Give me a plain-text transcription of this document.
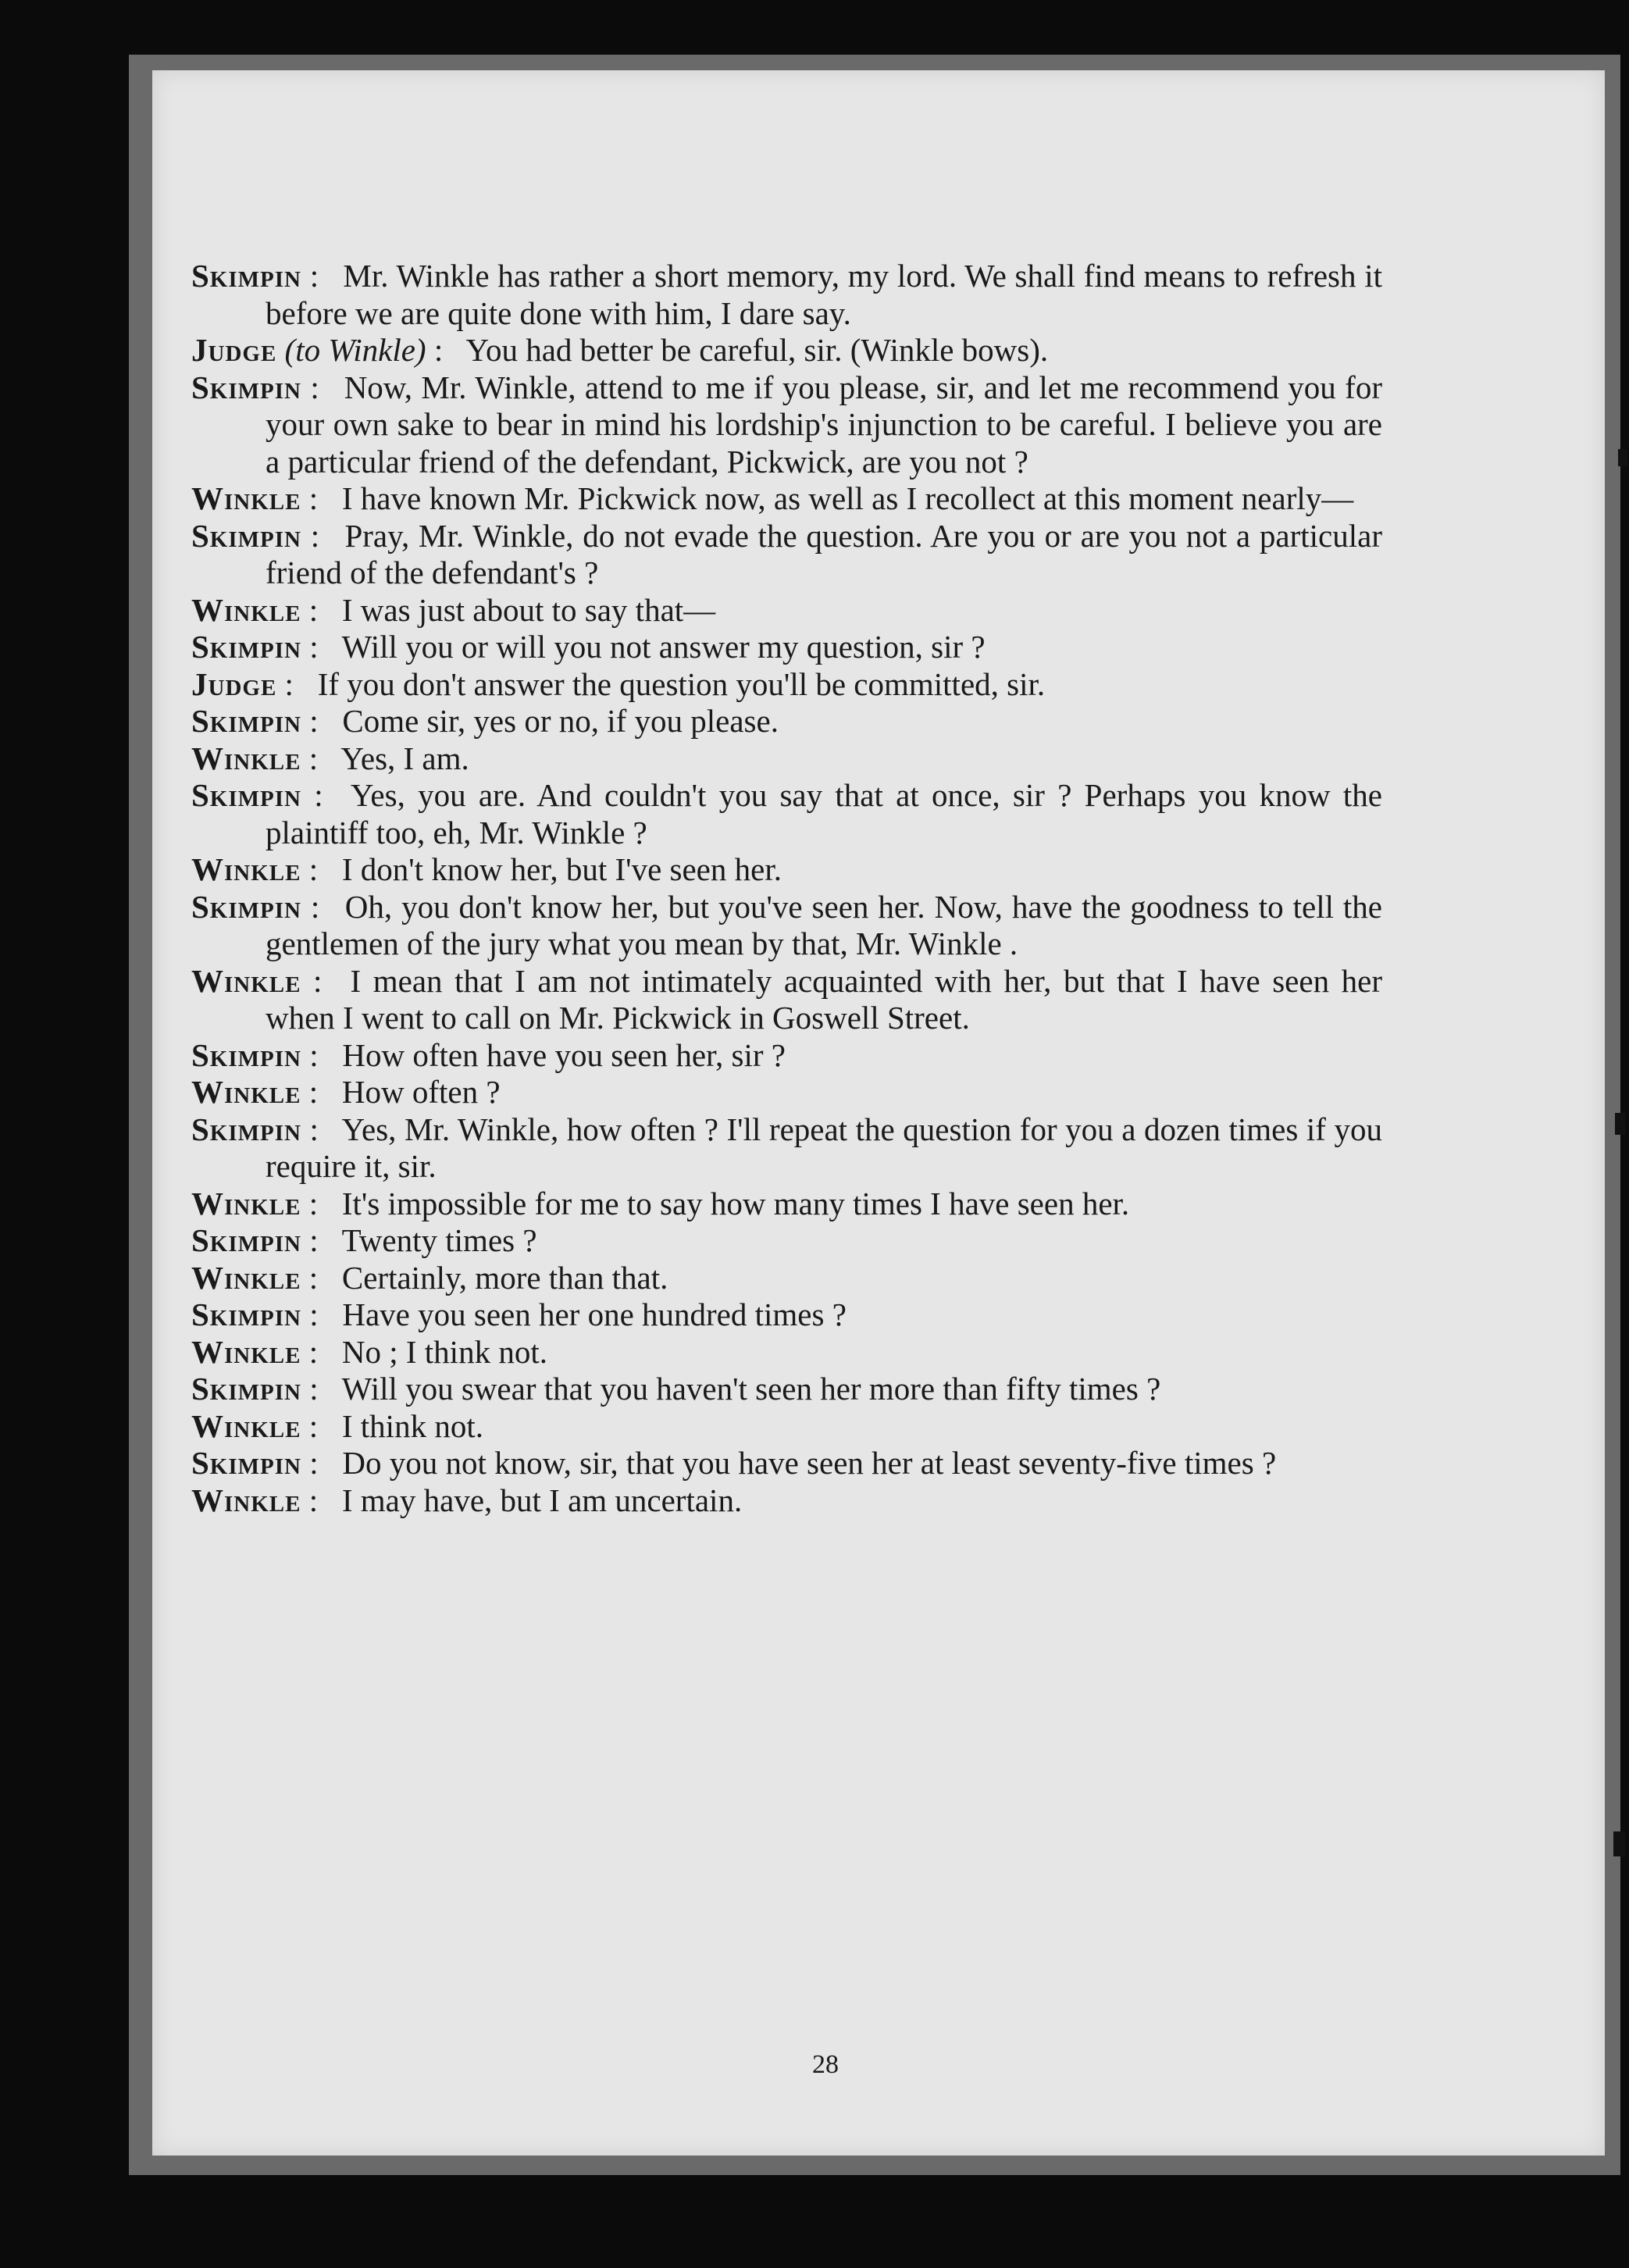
Skimpin : Mr. Winkle has rather a short memory, my lord. We shall find means to refresh it before we are quite done with him, I dare say.

Judge (to Winkle) : You had better be careful, sir. (Winkle bows).

Skimpin : Now, Mr. Winkle, attend to me if you please, sir, and let me recommend you for your own sake to bear in mind his lordship's injunction to be careful. I believe you are a particular friend of the defendant, Pickwick, are you not ?

Winkle : I have known Mr. Pickwick now, as well as I recollect at this moment nearly—

Skimpin : Pray, Mr. Winkle, do not evade the question. Are you or are you not a particular friend of the defendant's ?

Winkle : I was just about to say that—

Skimpin : Will you or will you not answer my question, sir ?

Judge : If you don't answer the question you'll be committed, sir.

Skimpin : Come sir, yes or no, if you please.

Winkle : Yes, I am.

Skimpin : Yes, you are. And couldn't you say that at once, sir ? Perhaps you know the plaintiff too, eh, Mr. Winkle ?

Winkle : I don't know her, but I've seen her.

Skimpin : Oh, you don't know her, but you've seen her. Now, have the goodness to tell the gentlemen of the jury what you mean by that, Mr. Winkle .

Winkle : I mean that I am not intimately acquainted with her, but that I have seen her when I went to call on Mr. Pickwick in Goswell Street.

Skimpin : How often have you seen her, sir ?

Winkle : How often ?

Skimpin : Yes, Mr. Winkle, how often ? I'll repeat the question for you a dozen times if you require it, sir.

Winkle : It's impossible for me to say how many times I have seen her.

Skimpin : Twenty times ?

Winkle : Certainly, more than that.

Skimpin : Have you seen her one hundred times ?

Winkle : No ; I think not.

Skimpin : Will you swear that you haven't seen her more than fifty times ?

Winkle : I think not.

Skimpin : Do you not know, sir, that you have seen her at least seventy-five times ?

Winkle : I may have, but I am uncertain.

28
